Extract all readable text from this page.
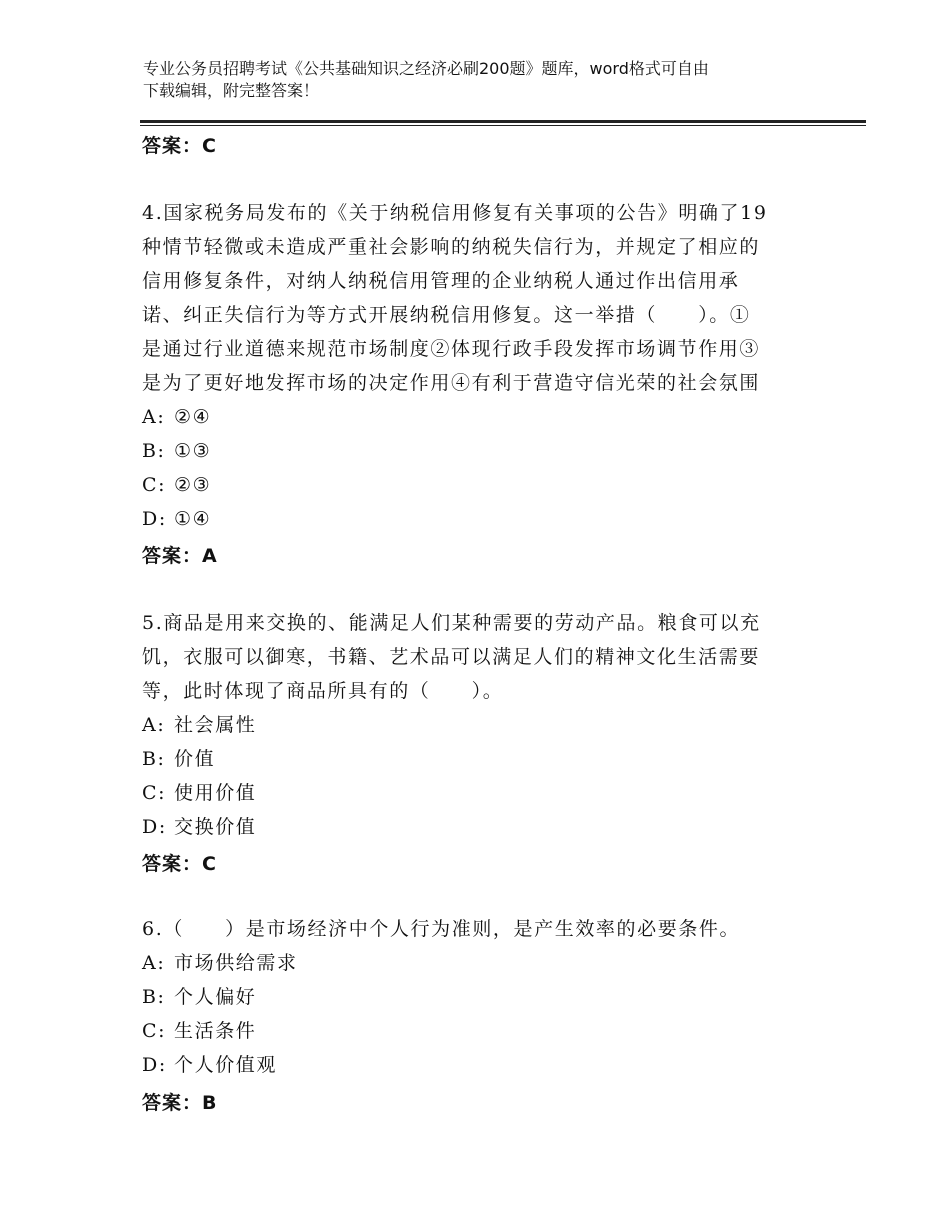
专业公务员招聘考试《公共基础知识之经济必刷200题》题库，word格式可自由
下载编辑，附完整答案！
答案：C
4.国家税务局发布的《关于纳税信用修复有关事项的公告》明确了19
种情节轻微或未造成严重社会影响的纳税失信行为，并规定了相应的
信用修复条件，对纳人纳税信用管理的企业纳税人通过作出信用承
诺、纠正失信行为等方式开展纳税信用修复。这一举措（　　）。①
是通过行业道德来规范市场制度②体现行政手段发挥市场调节作用③
是为了更好地发挥市场的决定作用④有利于营造守信光荣的社会氛围
A: ②④
B: ①③
C: ②③
D: ①④
答案：A
5.商品是用来交换的、能满足人们某种需要的劳动产品。粮食可以充
饥，衣服可以御寒，书籍、艺术品可以满足人们的精神文化生活需要
等，此时体现了商品所具有的（　　）。
A: 社会属性
B: 价值
C: 使用价值
D: 交换价值
答案：C
6.（　　）是市场经济中个人行为准则，是产生效率的必要条件。
A: 市场供给需求
B: 个人偏好
C: 生活条件
D: 个人价值观
答案：B
